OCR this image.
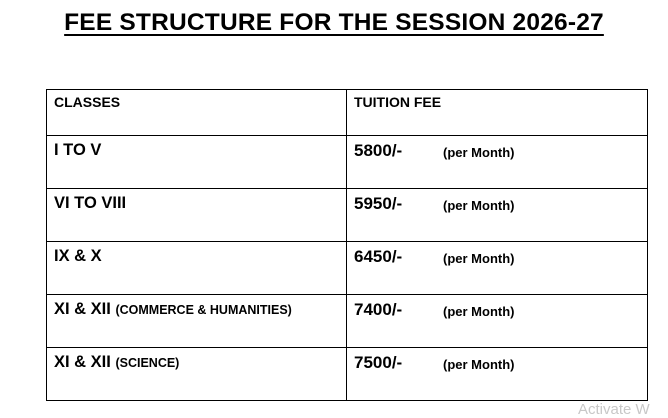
FEE STRUCTURE FOR THE SESSION 2026-27
CLASSES	TUITION FEE

I TO V	5800/- (per Month)

VI TO VIII	5950/- (per Month)

IX & X	6450/- (per Month)

XI & XII (COMMERCE & HUMANITIES)	7400/- (per Month)

XI & XII (SCIENCE)	7500/- (per Month)
Activate W
